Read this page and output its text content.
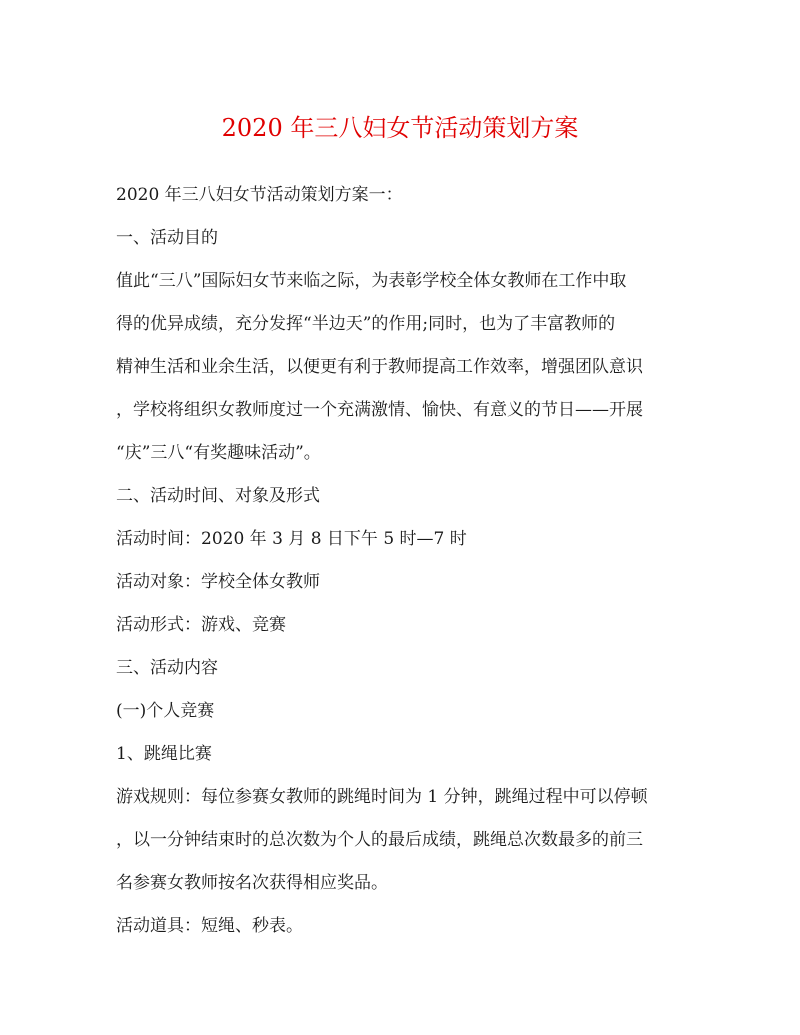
2020 年三八妇女节活动策划方案
2020 年三八妇女节活动策划方案一：
一、活动目的
值此“三八”国际妇女节来临之际，为表彰学校全体女教师在工作中取
得的优异成绩，充分发挥“半边天”的作用;同时，也为了丰富教师的
精神生活和业余生活，以便更有利于教师提高工作效率，增强团队意识
，学校将组织女教师度过一个充满激情、愉快、有意义的节日——开展
“庆”三八“有奖趣味活动”。
二、活动时间、对象及形式
活动时间：2020 年 3 月 8 日下午 5 时—7 时
活动对象：学校全体女教师
活动形式：游戏、竞赛
三、活动内容
(一)个人竞赛
1、跳绳比赛
游戏规则：每位参赛女教师的跳绳时间为 1 分钟，跳绳过程中可以停顿
，以一分钟结束时的总次数为个人的最后成绩，跳绳总次数最多的前三
名参赛女教师按名次获得相应奖品。
活动道具：短绳、秒表。
